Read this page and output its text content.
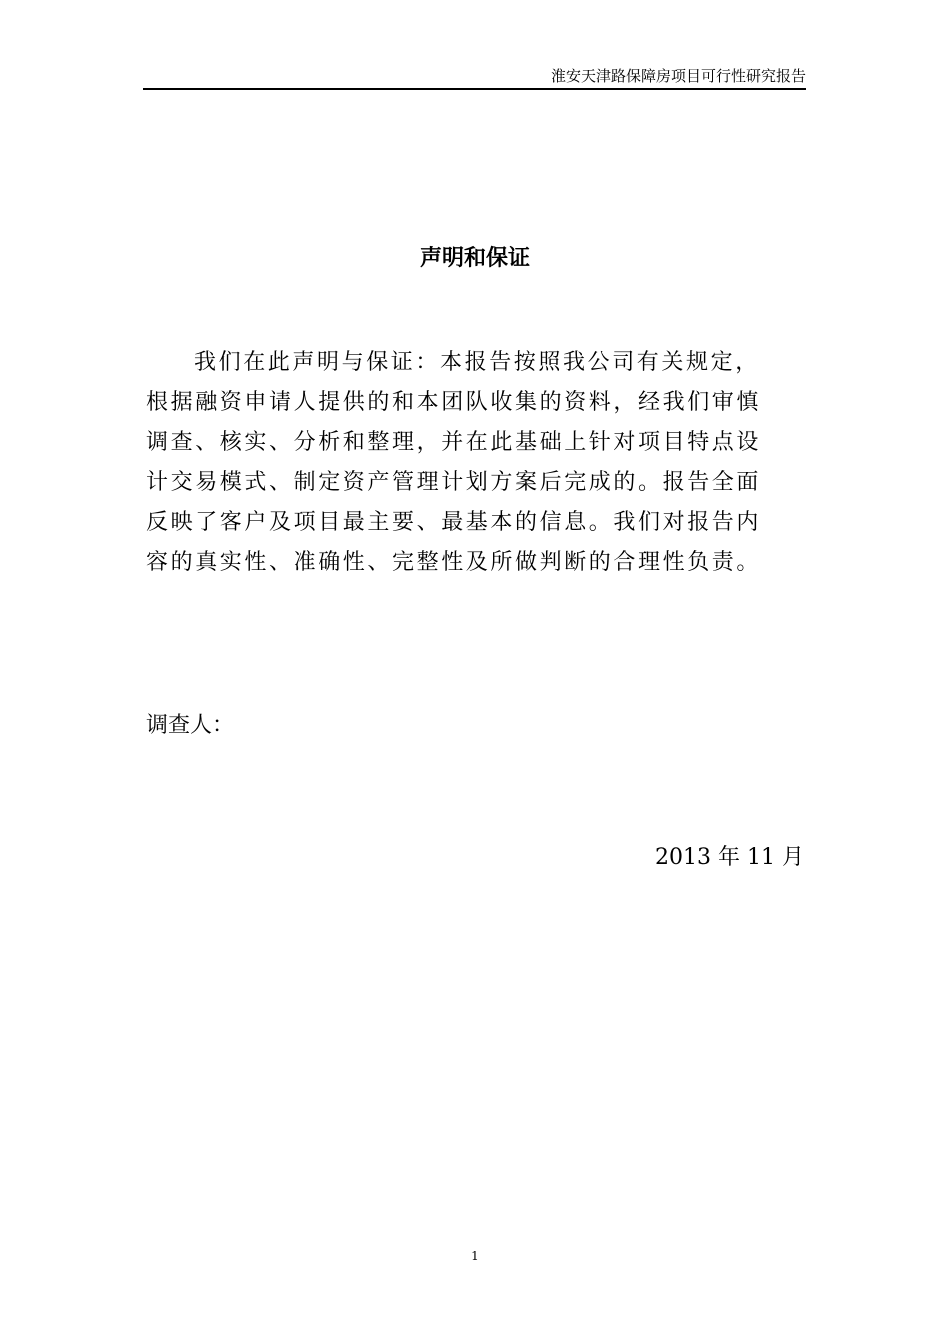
淮安天津路保障房项目可行性研究报告
声明和保证
我们在此声明与保证：本报告按照我公司有关规定，
根据融资申请人提供的和本团队收集的资料，经我们审慎
调查、核实、分析和整理，并在此基础上针对项目特点设
计交易模式、制定资产管理计划方案后完成的。报告全面
反映了客户及项目最主要、最基本的信息。我们对报告内
容的真实性、准确性、完整性及所做判断的合理性负责。
调查人：
2013 年 11 月
1
